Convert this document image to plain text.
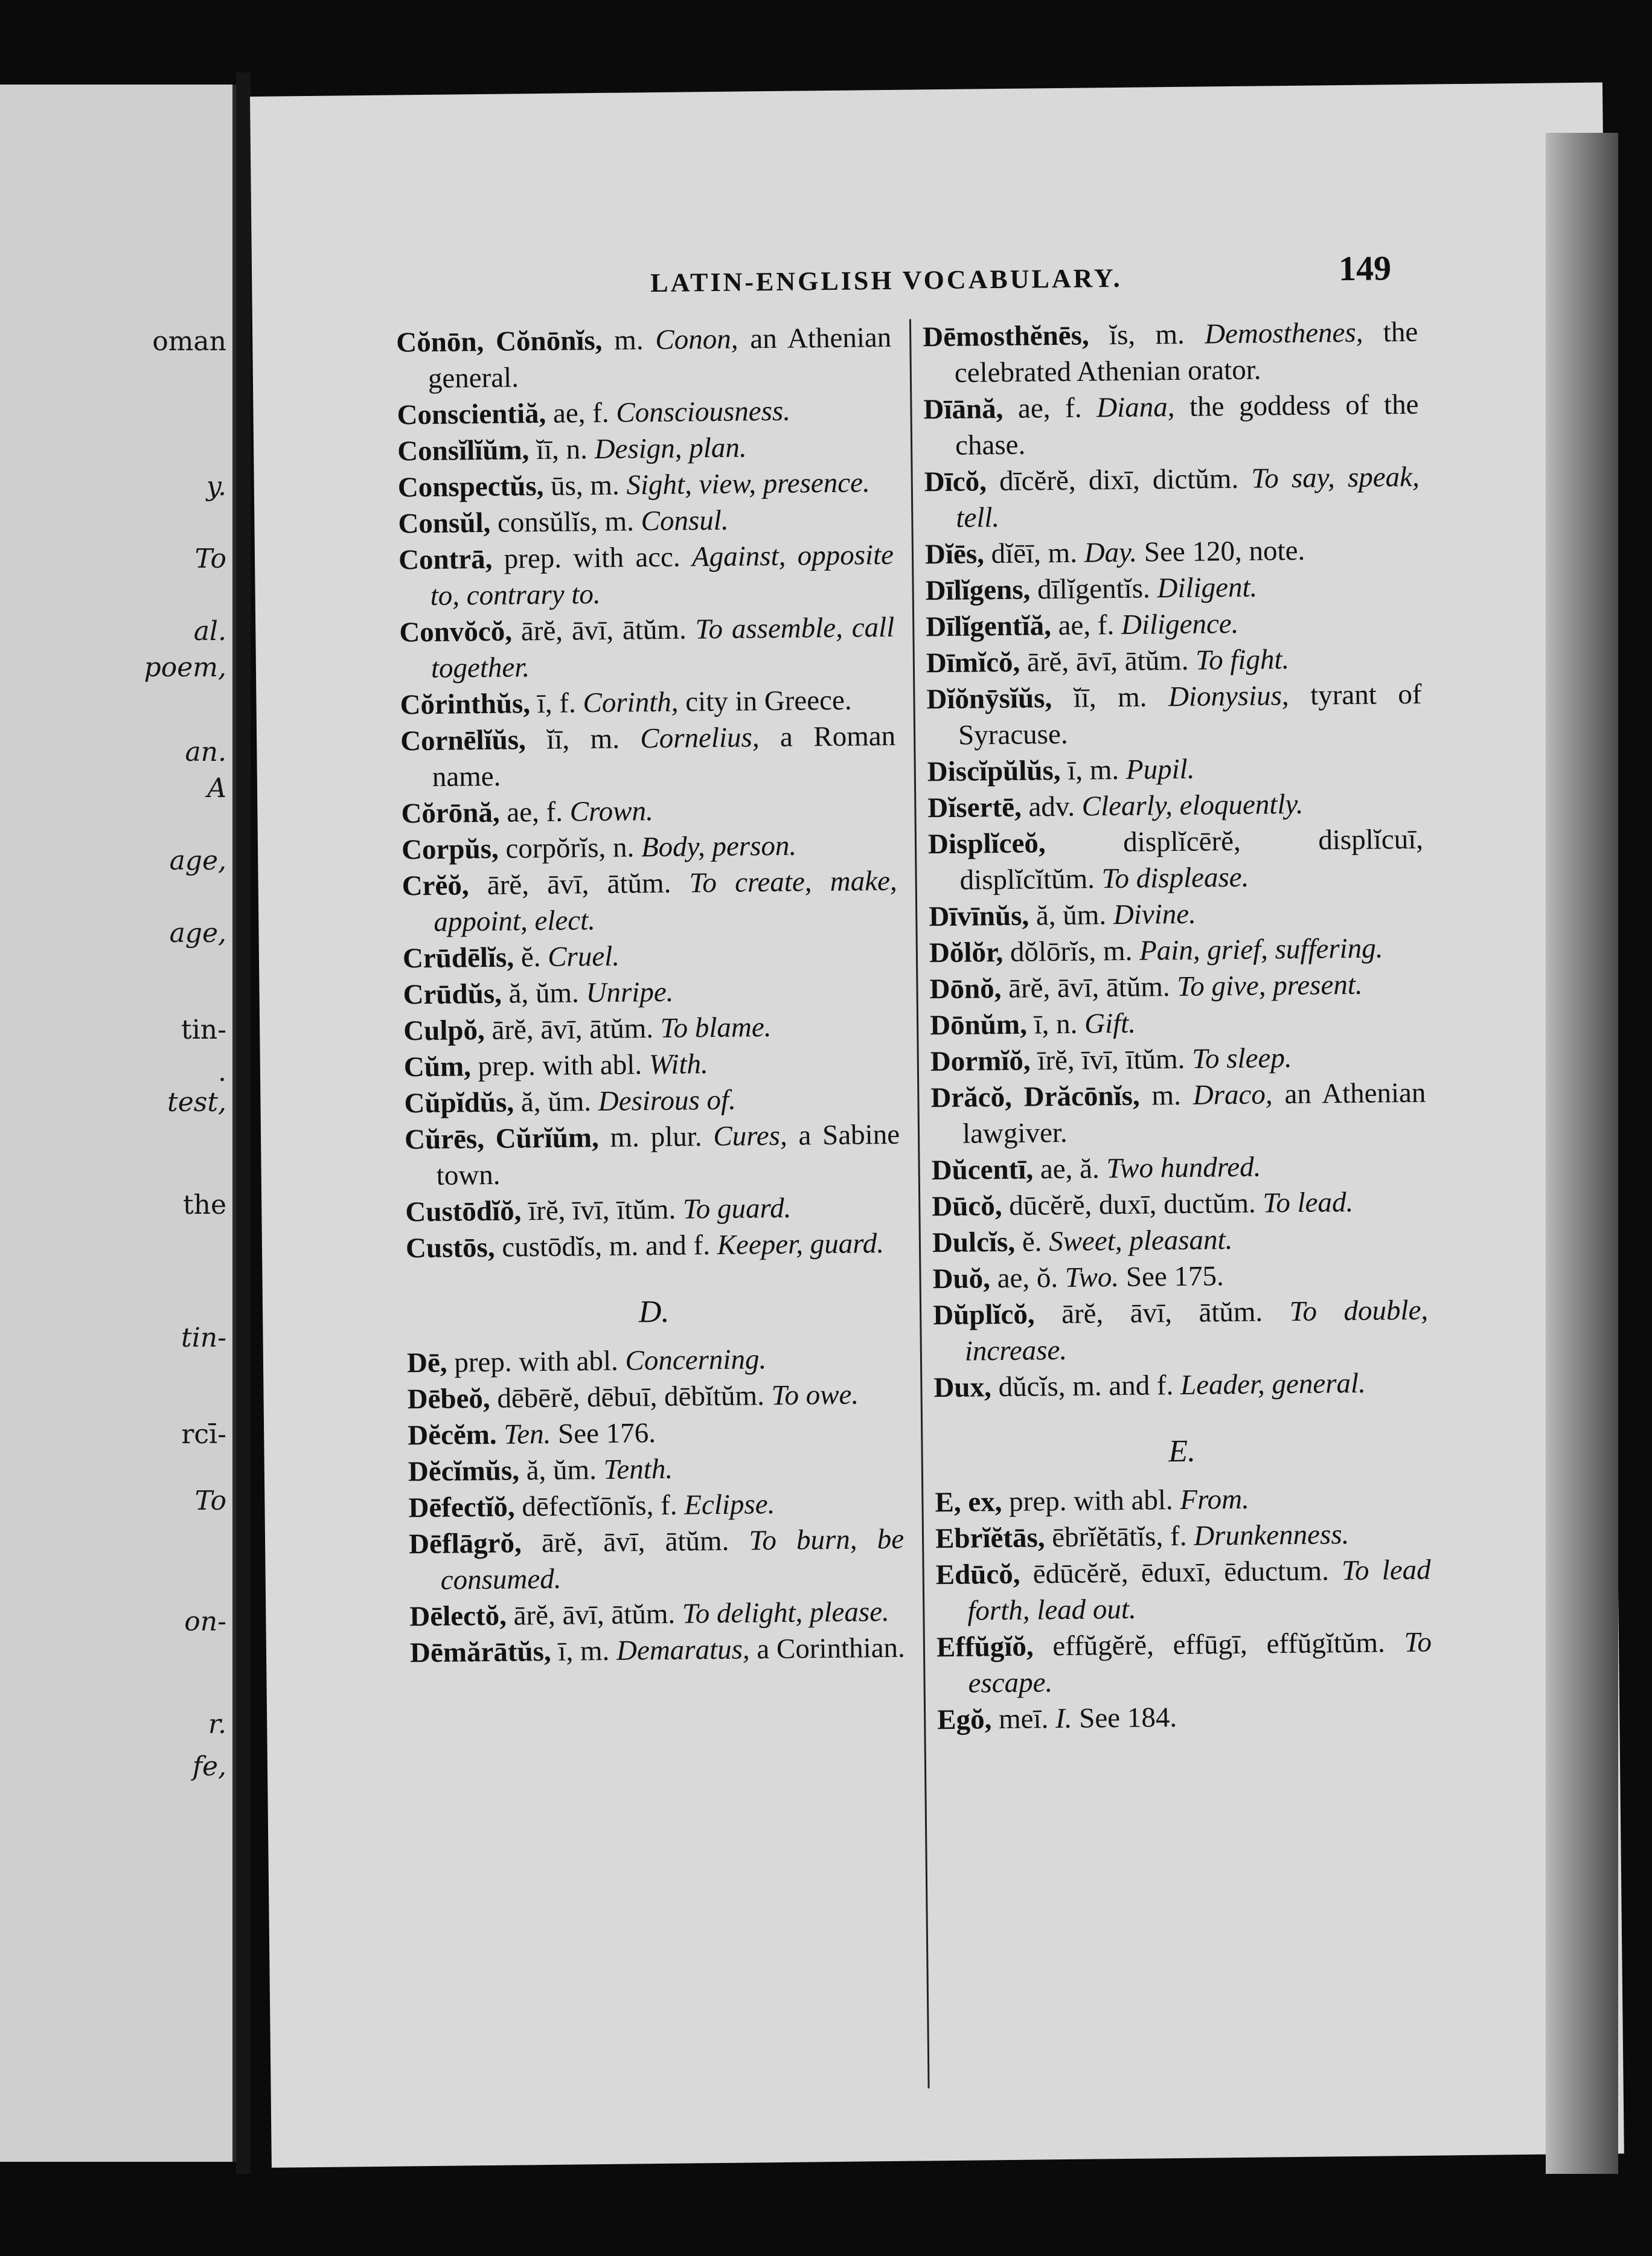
oman
y.
To
al.
poem,
an.
A
age,
age,
tin-
.
test,
the
tin-
rcī-
To
on-
r.
fe,
LATIN-ENGLISH VOCABULARY.	149
Cŏnōn, Cŏnōnĭs, m. Conon, an Athenian general.
Conscientiă, ae, f. Consciousness.
Consĭlĭŭm, ĭī, n. Design, plan.
Conspectŭs, ūs, m. Sight, view, presence.
Consŭl, consŭlĭs, m. Consul.
Contrā, prep. with acc. Against, opposite to, contrary to.
Convŏcŏ, ārĕ, āvī, ātŭm. To assemble, call together.
Cŏrinthŭs, ī, f. Corinth, city in Greece.
Cornēlĭŭs, ĭī, m. Cornelius, a Roman name.
Cŏrōnă, ae, f. Crown.
Corpŭs, corpŏrĭs, n. Body, person.
Crĕŏ, ārĕ, āvī, ātŭm. To create, make, appoint, elect.
Crūdēlĭs, ĕ. Cruel.
Crūdŭs, ă, ŭm. Unripe.
Culpŏ, ārĕ, āvī, ātŭm. To blame.
Cŭm, prep. with abl. With.
Cŭpĭdŭs, ă, ŭm. Desirous of.
Cŭrēs, Cŭrĭŭm, m. plur. Cures, a Sabine town.
Custōdĭŏ, īrĕ, īvī, ītŭm. To guard.
Custōs, custōdĭs, m. and f. Keeper, guard.
D.
Dē, prep. with abl. Concerning.
Dēbeŏ, dēbērĕ, dēbuī, dēbĭtŭm. To owe.
Dĕcĕm. Ten. See 176.
Dĕcĭmŭs, ă, ŭm. Tenth.
Dēfectĭŏ, dēfectĭōnĭs, f. Eclipse.
Dēflāgrŏ, ārĕ, āvī, ātŭm. To burn, be consumed.
Dēlectŏ, ārĕ, āvī, ātŭm. To delight, please.
Dēmărātŭs, ī, m. Demaratus, a Corinthian.
Dēmosthĕnēs, ĭs, m. Demosthenes, the celebrated Athenian orator.
Dīānă, ae, f. Diana, the goddess of the chase.
Dīcŏ, dīcĕrĕ, dixī, dictŭm. To say, speak, tell.
Dĭēs, dĭēī, m. Day. See 120, note.
Dīlĭgens, dīlĭgentĭs. Diligent.
Dīlĭgentĭă, ae, f. Diligence.
Dīmĭcŏ, ārĕ, āvī, ātŭm. To fight.
Dĭŏnȳsĭŭs, ĭī, m. Dionysius, tyrant of Syracuse.
Discĭpŭlŭs, ī, m. Pupil.
Dĭsertē, adv. Clearly, eloquently.
Displĭceŏ, displĭcērĕ, displĭcuī, displĭcĭtŭm. To displease.
Dīvīnŭs, ă, ŭm. Divine.
Dŏlŏr, dŏlōrĭs, m. Pain, grief, suffering.
Dōnŏ, ārĕ, āvī, ātŭm. To give, present.
Dōnŭm, ī, n. Gift.
Dormĭŏ, īrĕ, īvī, ītŭm. To sleep.
Drăcŏ, Drăcōnĭs, m. Draco, an Athenian lawgiver.
Dŭcentī, ae, ă. Two hundred.
Dūcŏ, dūcĕrĕ, duxī, ductŭm. To lead.
Dulcĭs, ĕ. Sweet, pleasant.
Duŏ, ae, ŏ. Two. See 175.
Dŭplĭcŏ, ārĕ, āvī, ātŭm. To double, increase.
Dux, dŭcĭs, m. and f. Leader, general.
E.
E, ex, prep. with abl. From.
Ebrĭĕtās, ēbrĭĕtātĭs, f. Drunkenness.
Edūcŏ, ēdūcĕrĕ, ēduxī, ēductum. To lead forth, lead out.
Effŭgĭŏ, effŭgĕrĕ, effūgī, effŭgĭtŭm. To escape.
Egŏ, meī. I. See 184.
